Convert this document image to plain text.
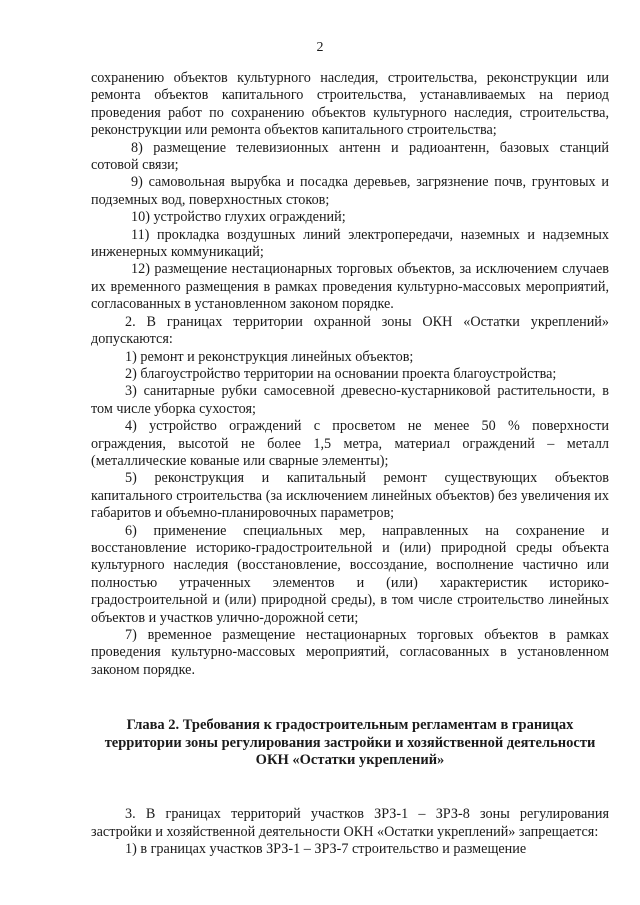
2

сохранению объектов культурного наследия, строительства, реконструкции или ремонта объектов капитального строительства, устанавливаемых на период проведения работ по сохранению объектов культурного наследия, строительства, реконструкции или ремонта объектов капитального строительства;

8) размещение телевизионных антенн и радиоантенн, базовых станций сотовой связи;

9) самовольная вырубка и посадка деревьев, загрязнение почв, грунтовых и подземных вод, поверхностных стоков;

10) устройство глухих ограждений;

11) прокладка воздушных линий электропередачи, наземных и надземных инженерных коммуникаций;

12) размещение нестационарных торговых объектов, за исключением случаев их временного размещения в рамках проведения культурно-массовых мероприятий, согласованных в установленном законом порядке.

2. В границах территории охранной зоны ОКН «Остатки укреплений» допускаются:

1) ремонт и реконструкция линейных объектов;

2) благоустройство территории на основании проекта благоустройства;

3) санитарные рубки самосевной древесно-кустарниковой растительности, в том числе уборка сухостоя;

4) устройство ограждений с просветом не менее 50 % поверхности ограждения, высотой не более 1,5 метра, материал ограждений – металл (металлические кованые или сварные элементы);

5) реконструкция и капитальный ремонт существующих объектов капитального строительства (за исключением линейных объектов) без увеличения их габаритов и объемно-планировочных параметров;

6) применение специальных мер, направленных на сохранение и восстановление историко-градостроительной и (или) природной среды объекта культурного наследия (восстановление, воссоздание, восполнение частично или полностью утраченных элементов и (или) характеристик историко-градостроительной и (или) природной среды), в том числе строительство линейных объектов и участков улично-дорожной сети;

7) временное размещение нестационарных торговых объектов в рамках проведения культурно-массовых мероприятий, согласованных в установленном законом порядке.

Глава 2. Требования к градостроительным регламентам в границах территории зоны регулирования застройки и хозяйственной деятельности ОКН «Остатки укреплений»

3. В границах территорий участков ЗРЗ-1 – ЗРЗ-8 зоны регулирования застройки и хозяйственной деятельности ОКН «Остатки укреплений» запрещается:

1) в границах участков ЗРЗ-1 – ЗРЗ-7 строительство и размещение
